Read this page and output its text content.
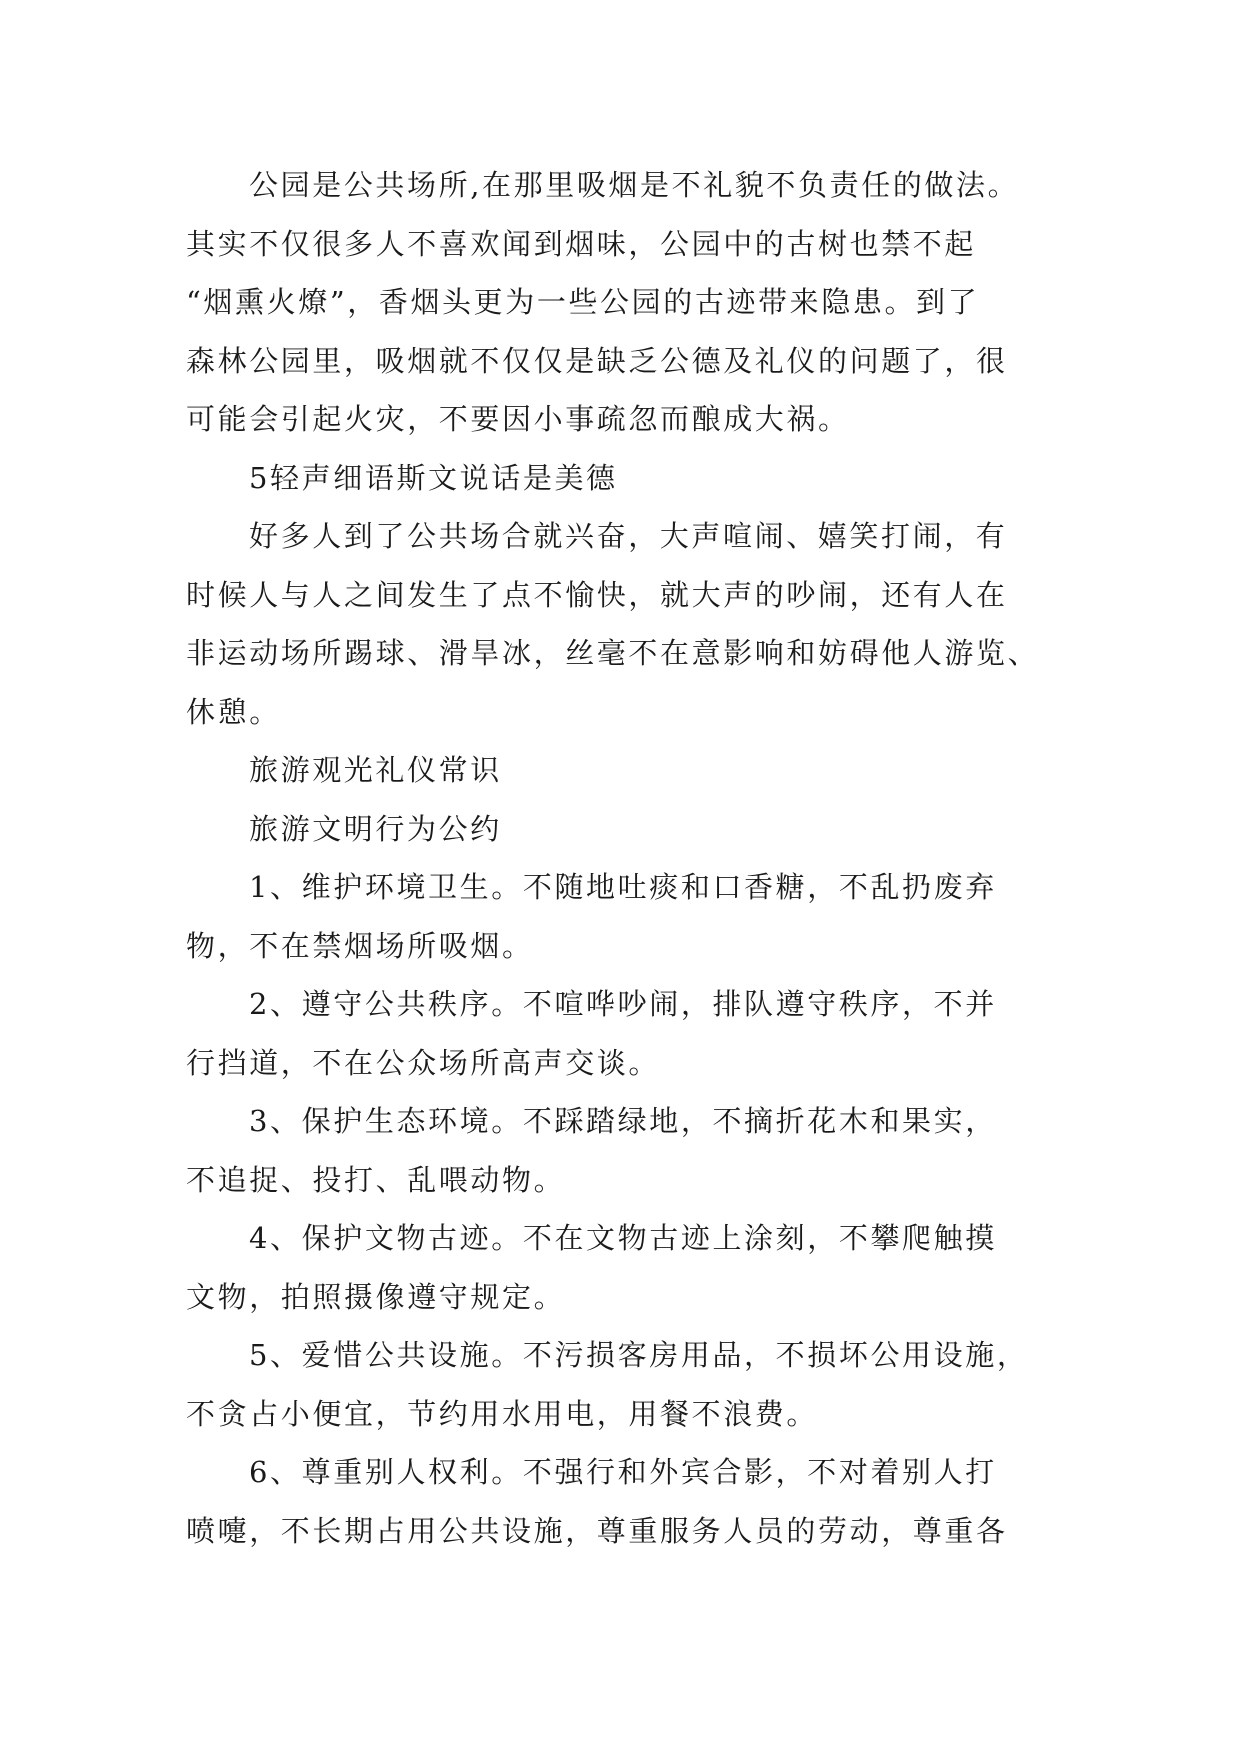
公园是公共场所,在那里吸烟是不礼貌不负责任的做法。
其实不仅很多人不喜欢闻到烟味，公园中的古树也禁不起
“烟熏火燎”，香烟头更为一些公园的古迹带来隐患。到了
森林公园里，吸烟就不仅仅是缺乏公德及礼仪的问题了，很
可能会引起火灾，不要因小事疏忽而酿成大祸。
5轻声细语斯文说话是美德
好多人到了公共场合就兴奋，大声喧闹、嬉笑打闹，有
时候人与人之间发生了点不愉快，就大声的吵闹，还有人在
非运动场所踢球、滑旱冰，丝毫不在意影响和妨碍他人游览、
休憩。
旅游观光礼仪常识
旅游文明行为公约
1、维护环境卫生。不随地吐痰和口香糖，不乱扔废弃
物，不在禁烟场所吸烟。
2、遵守公共秩序。不喧哗吵闹，排队遵守秩序，不并
行挡道，不在公众场所高声交谈。
3、保护生态环境。不踩踏绿地，不摘折花木和果实，
不追捉、投打、乱喂动物。
4、保护文物古迹。不在文物古迹上涂刻，不攀爬触摸
文物，拍照摄像遵守规定。
5、爱惜公共设施。不污损客房用品，不损坏公用设施，
不贪占小便宜，节约用水用电，用餐不浪费。
6、尊重别人权利。不强行和外宾合影，不对着别人打
喷嚏，不长期占用公共设施，尊重服务人员的劳动，尊重各
